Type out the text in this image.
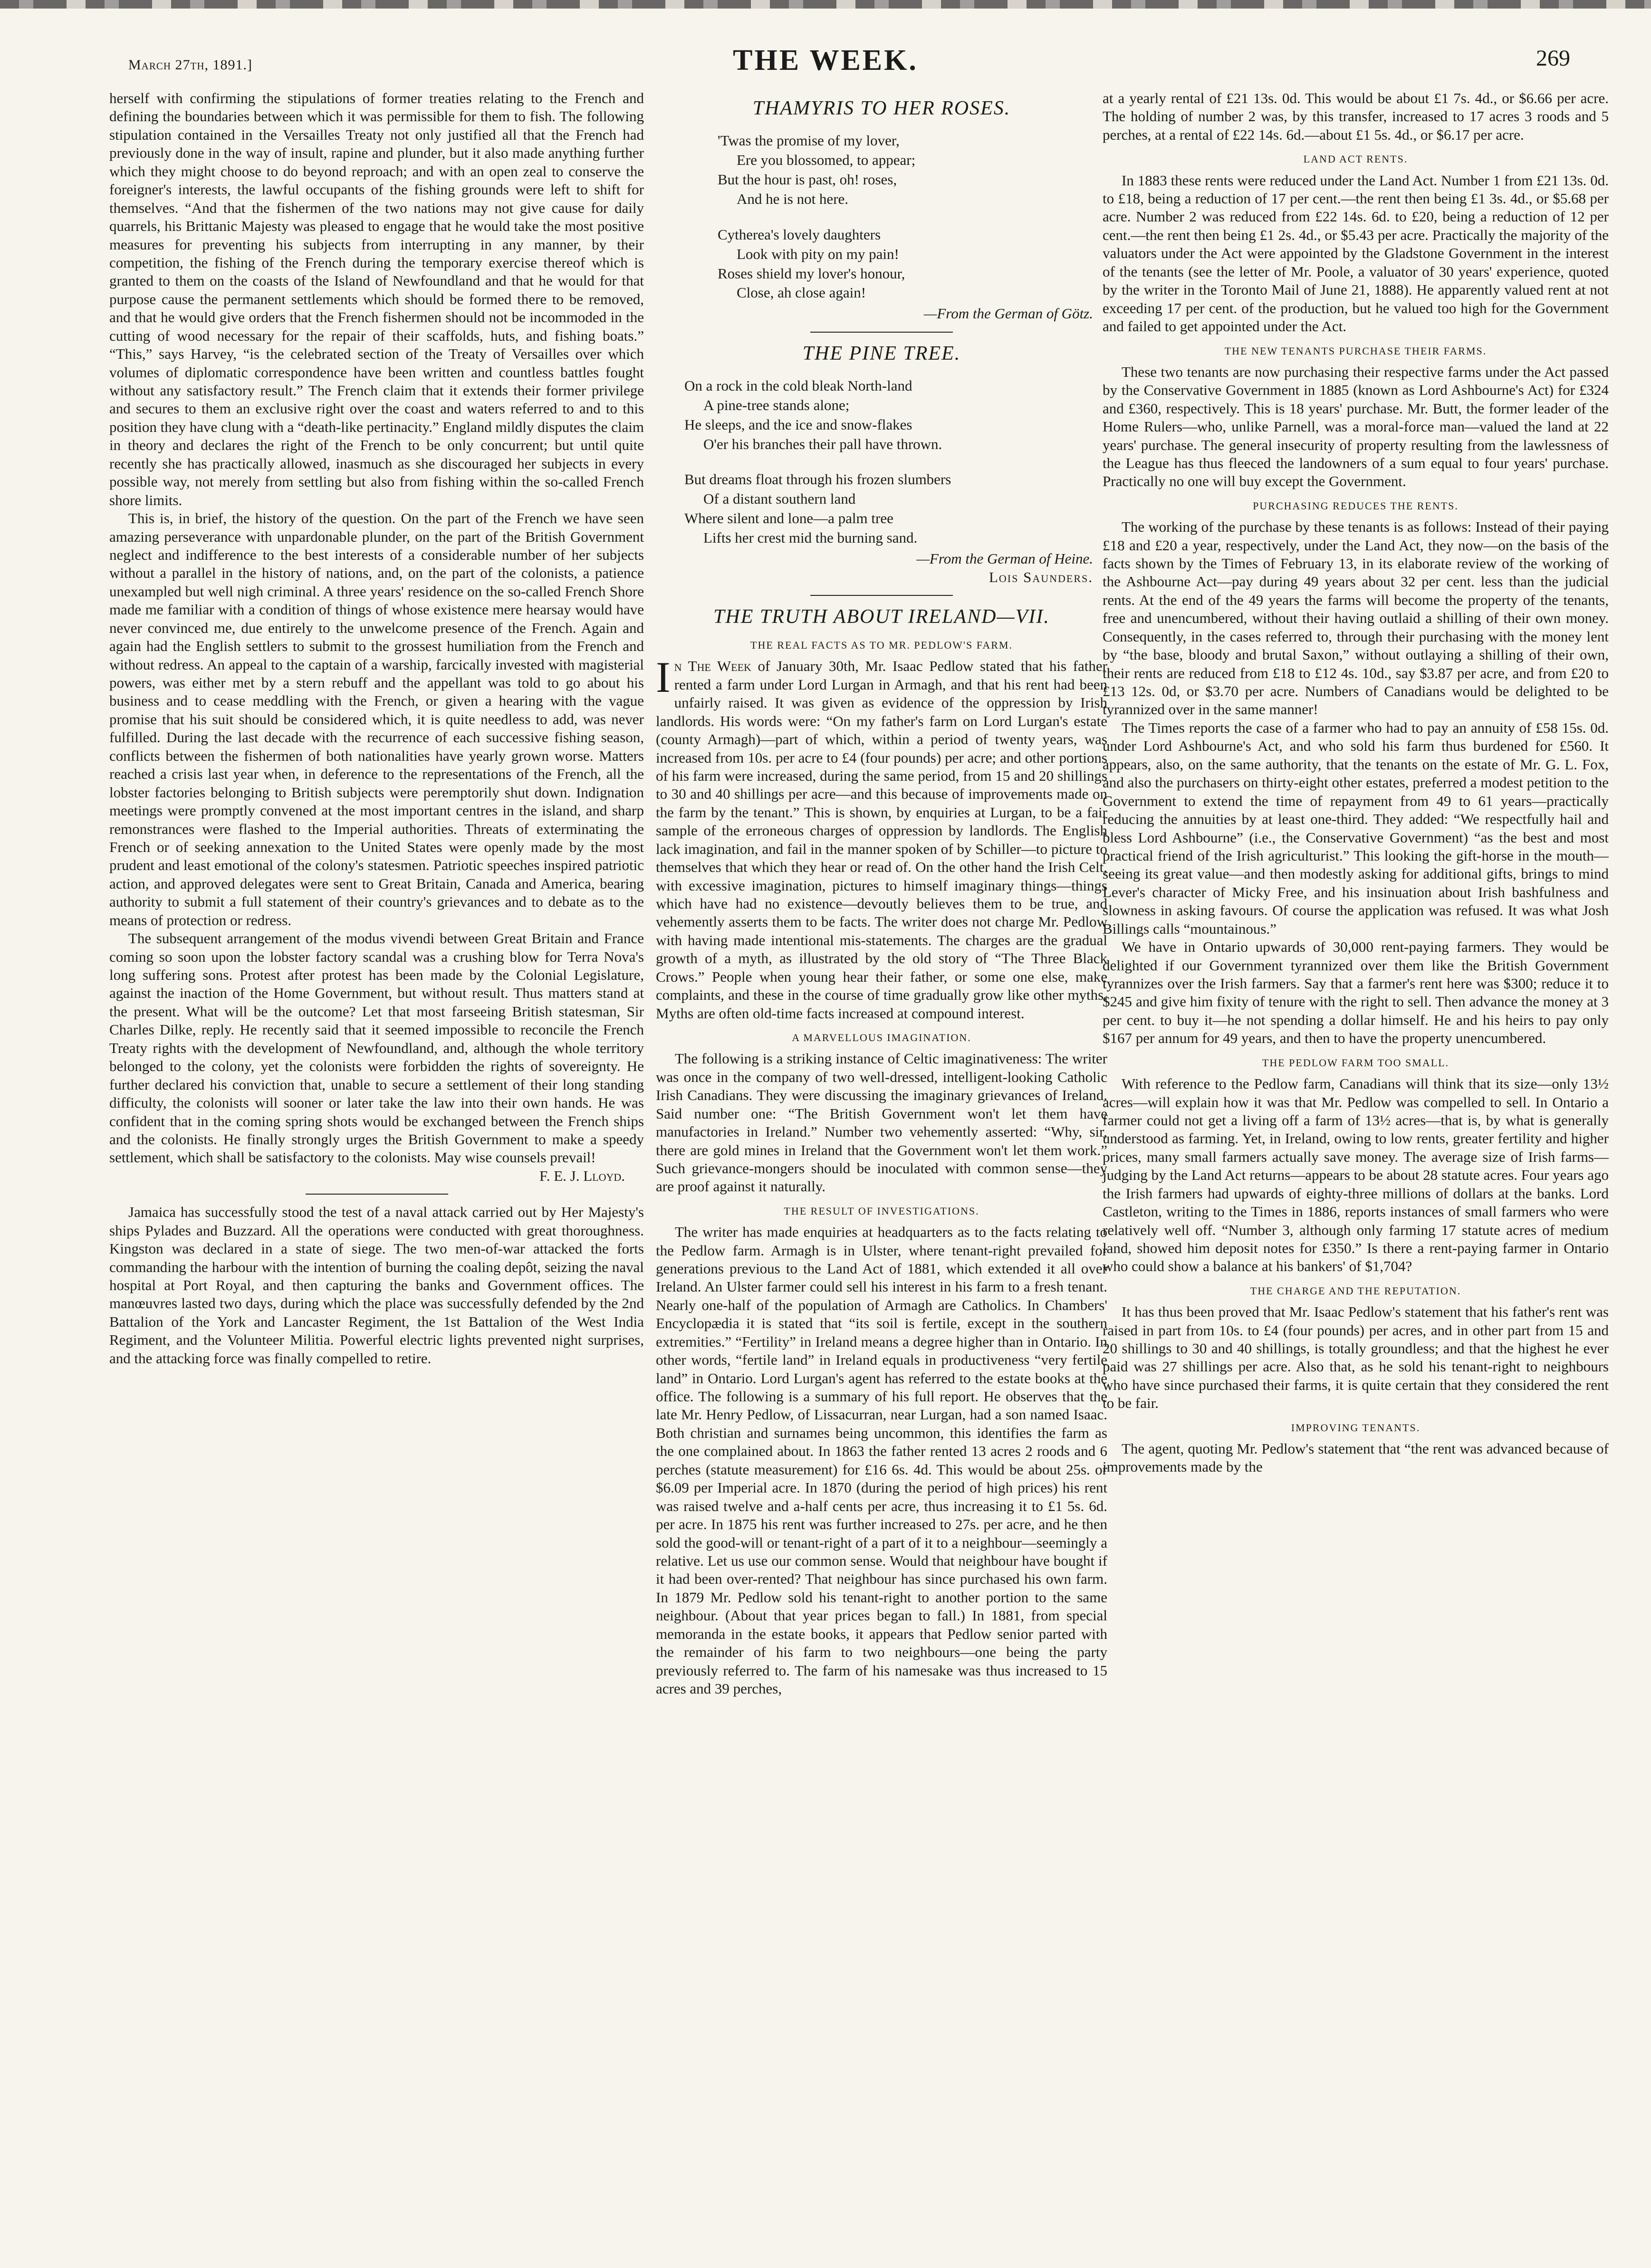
March 27th, 1891.]	THE WEEK.	269

herself with confirming the stipulations of former treaties relating to the French and defining the boundaries between which it was permissible for them to fish. The following stipulation contained in the Versailles Treaty not only justified all that the French had previously done in the way of insult, rapine and plunder, but it also made anything further which they might choose to do beyond reproach; and with an open zeal to conserve the foreigner's interests, the lawful occupants of the fishing grounds were left to shift for themselves. “And that the fishermen of the two nations may not give cause for daily quarrels, his Brittanic Majesty was pleased to engage that he would take the most positive measures for preventing his subjects from interrupting in any manner, by their competition, the fishing of the French during the temporary exercise thereof which is granted to them on the coasts of the Island of Newfoundland and that he would for that purpose cause the permanent settlements which should be formed there to be removed, and that he would give orders that the French fishermen should not be incommoded in the cutting of wood necessary for the repair of their scaffolds, huts, and fishing boats.” “This,” says Harvey, “is the celebrated section of the Treaty of Versailles over which volumes of diplomatic correspondence have been written and countless battles fought without any satisfactory result.” The French claim that it extends their former privilege and secures to them an exclusive right over the coast and waters referred to and to this position they have clung with a “death-like pertinacity.” England mildly disputes the claim in theory and declares the right of the French to be only concurrent; but until quite recently she has practically allowed, inasmuch as she discouraged her subjects in every possible way, not merely from settling but also from fishing within the so-called French shore limits.

This is, in brief, the history of the question. On the part of the French we have seen amazing perseverance with unpardonable plunder, on the part of the British Government neglect and indifference to the best interests of a considerable number of her subjects without a parallel in the history of nations, and, on the part of the colonists, a patience unexampled but well nigh criminal. A three years' residence on the so-called French Shore made me familiar with a condition of things of whose existence mere hearsay would have never convinced me, due entirely to the unwelcome presence of the French. Again and again had the English settlers to submit to the grossest humiliation from the French and without redress. An appeal to the captain of a warship, farcically invested with magisterial powers, was either met by a stern rebuff and the appellant was told to go about his business and to cease meddling with the French, or given a hearing with the vague promise that his suit should be considered which, it is quite needless to add, was never fulfilled. During the last decade with the recurrence of each successive fishing season, conflicts between the fishermen of both nationalities have yearly grown worse. Matters reached a crisis last year when, in deference to the representations of the French, all the lobster factories belonging to British subjects were peremptorily shut down. Indignation meetings were promptly convened at the most important centres in the island, and sharp remonstrances were flashed to the Imperial authorities. Threats of exterminating the French or of seeking annexation to the United States were openly made by the most prudent and least emotional of the colony's statesmen. Patriotic speeches inspired patriotic action, and approved delegates were sent to Great Britain, Canada and America, bearing authority to submit a full statement of their country's grievances and to debate as to the means of protection or redress.

The subsequent arrangement of the modus vivendi between Great Britain and France coming so soon upon the lobster factory scandal was a crushing blow for Terra Nova's long suffering sons. Protest after protest has been made by the Colonial Legislature, against the inaction of the Home Government, but without result. Thus matters stand at the present. What will be the outcome? Let that most farseeing British statesman, Sir Charles Dilke, reply. He recently said that it seemed impossible to reconcile the French Treaty rights with the development of Newfoundland, and, although the whole territory belonged to the colony, yet the colonists were forbidden the rights of sovereignty. He further declared his conviction that, unable to secure a settlement of their long standing difficulty, the colonists will sooner or later take the law into their own hands. He was confident that in the coming spring shots would be exchanged between the French ships and the colonists. He finally strongly urges the British Government to make a speedy settlement, which shall be satisfactory to the colonists. May wise counsels prevail!

F. E. J. Lloyd.

Jamaica has successfully stood the test of a naval attack carried out by Her Majesty's ships Pylades and Buzzard. All the operations were conducted with great thoroughness. Kingston was declared in a state of siege. The two men-of-war attacked the forts commanding the harbour with the intention of burning the coaling depôt, seizing the naval hospital at Port Royal, and then capturing the banks and Government offices. The manœuvres lasted two days, during which the place was successfully defended by the 2nd Battalion of the York and Lancaster Regiment, the 1st Battalion of the West India Regiment, and the Volunteer Militia. Powerful electric lights prevented night surprises, and the attacking force was finally compelled to retire.

THAMYRIS TO HER ROSES.
'Twas the promise of my lover,
Ere you blossomed, to appear;
But the hour is past, oh! roses,
And he is not here.
Cytherea's lovely daughters
Look with pity on my pain!
Roses shield my lover's honour,
Close, ah close again!
—From the German of Götz.
THE PINE TREE.
On a rock in the cold bleak North-land
A pine-tree stands alone;
He sleeps, and the ice and snow-flakes
O'er his branches their pall have thrown.
But dreams float through his frozen slumbers
Of a distant southern land
Where silent and lone—a palm tree
Lifts her crest mid the burning sand.
—From the German of Heine.
Lois Saunders.
THE TRUTH ABOUT IRELAND—VII.
THE REAL FACTS AS TO MR. PEDLOW'S FARM.

In The Week of January 30th, Mr. Isaac Pedlow stated that his father rented a farm under Lord Lurgan in Armagh, and that his rent had been unfairly raised. It was given as evidence of the oppression by Irish landlords. His words were: “On my father's farm on Lord Lurgan's estate (county Armagh)—part of which, within a period of twenty years, was increased from 10s. per acre to £4 (four pounds) per acre; and other portions of his farm were increased, during the same period, from 15 and 20 shillings to 30 and 40 shillings per acre—and this because of improvements made on the farm by the tenant.” This is shown, by enquiries at Lurgan, to be a fair sample of the erroneous charges of oppression by landlords. The English lack imagination, and fail in the manner spoken of by Schiller—to picture to themselves that which they hear or read of. On the other hand the Irish Celt, with excessive imagination, pictures to himself imaginary things—things which have had no existence—devoutly believes them to be true, and vehemently asserts them to be facts. The writer does not charge Mr. Pedlow with having made intentional mis-statements. The charges are the gradual growth of a myth, as illustrated by the old story of “The Three Black Crows.” People when young hear their father, or some one else, make complaints, and these in the course of time gradually grow like other myths. Myths are often old-time facts increased at compound interest.

A MARVELLOUS IMAGINATION.

The following is a striking instance of Celtic imaginativeness: The writer was once in the company of two well-dressed, intelligent-looking Catholic Irish Canadians. They were discussing the imaginary grievances of Ireland. Said number one: “The British Government won't let them have manufactories in Ireland.” Number two vehemently asserted: “Why, sir, there are gold mines in Ireland that the Government won't let them work.” Such grievance-mongers should be inoculated with common sense—they are proof against it naturally.

THE RESULT OF INVESTIGATIONS.

The writer has made enquiries at headquarters as to the facts relating to the Pedlow farm. Armagh is in Ulster, where tenant-right prevailed for generations previous to the Land Act of 1881, which extended it all over Ireland. An Ulster farmer could sell his interest in his farm to a fresh tenant. Nearly one-half of the population of Armagh are Catholics. In Chambers' Encyclopædia it is stated that “its soil is fertile, except in the southern extremities.” “Fertility” in Ireland means a degree higher than in Ontario. In other words, “fertile land” in Ireland equals in productiveness “very fertile land” in Ontario. Lord Lurgan's agent has referred to the estate books at the office. The following is a summary of his full report. He observes that the late Mr. Henry Pedlow, of Lissacurran, near Lurgan, had a son named Isaac. Both christian and surnames being uncommon, this identifies the farm as the one complained about. In 1863 the father rented 13 acres 2 roods and 6 perches (statute measurement) for £16 6s. 4d. This would be about 25s. or $6.09 per Imperial acre. In 1870 (during the period of high prices) his rent was raised twelve and a-half cents per acre, thus increasing it to £1 5s. 6d. per acre. In 1875 his rent was further increased to 27s. per acre, and he then sold the good-will or tenant-right of a part of it to a neighbour—seemingly a relative. Let us use our common sense. Would that neighbour have bought if it had been over-rented? That neighbour has since purchased his own farm. In 1879 Mr. Pedlow sold his tenant-right to another portion to the same neighbour. (About that year prices began to fall.) In 1881, from special memoranda in the estate books, it appears that Pedlow senior parted with the remainder of his farm to two neighbours—one being the party previously referred to. The farm of his namesake was thus increased to 15 acres and 39 perches,

at a yearly rental of £21 13s. 0d. This would be about £1 7s. 4d., or $6.66 per acre. The holding of number 2 was, by this transfer, increased to 17 acres 3 roods and 5 perches, at a rental of £22 14s. 6d.—about £1 5s. 4d., or $6.17 per acre.

LAND ACT RENTS.

In 1883 these rents were reduced under the Land Act. Number 1 from £21 13s. 0d. to £18, being a reduction of 17 per cent.—the rent then being £1 3s. 4d., or $5.68 per acre. Number 2 was reduced from £22 14s. 6d. to £20, being a reduction of 12 per cent.—the rent then being £1 2s. 4d., or $5.43 per acre. Practically the majority of the valuators under the Act were appointed by the Gladstone Government in the interest of the tenants (see the letter of Mr. Poole, a valuator of 30 years' experience, quoted by the writer in the Toronto Mail of June 21, 1888). He apparently valued rent at not exceeding 17 per cent. of the production, but he valued too high for the Government and failed to get appointed under the Act.

THE NEW TENANTS PURCHASE THEIR FARMS.

These two tenants are now purchasing their respective farms under the Act passed by the Conservative Government in 1885 (known as Lord Ashbourne's Act) for £324 and £360, respectively. This is 18 years' purchase. Mr. Butt, the former leader of the Home Rulers—who, unlike Parnell, was a moral-force man—valued the land at 22 years' purchase. The general insecurity of property resulting from the lawlessness of the League has thus fleeced the landowners of a sum equal to four years' purchase. Practically no one will buy except the Government.

PURCHASING REDUCES THE RENTS.

The working of the purchase by these tenants is as follows: Instead of their paying £18 and £20 a year, respectively, under the Land Act, they now—on the basis of the facts shown by the Times of February 13, in its elaborate review of the working of the Ashbourne Act—pay during 49 years about 32 per cent. less than the judicial rents. At the end of the 49 years the farms will become the property of the tenants, free and unencumbered, without their having outlaid a shilling of their own money. Consequently, in the cases referred to, through their purchasing with the money lent by “the base, bloody and brutal Saxon,” without outlaying a shilling of their own, their rents are reduced from £18 to £12 4s. 10d., say $3.87 per acre, and from £20 to £13 12s. 0d, or $3.70 per acre. Numbers of Canadians would be delighted to be tyrannized over in the same manner!

The Times reports the case of a farmer who had to pay an annuity of £58 15s. 0d. under Lord Ashbourne's Act, and who sold his farm thus burdened for £560. It appears, also, on the same authority, that the tenants on the estate of Mr. G. L. Fox, and also the purchasers on thirty-eight other estates, preferred a modest petition to the Government to extend the time of repayment from 49 to 61 years—practically reducing the annuities by at least one-third. They added: “We respectfully hail and bless Lord Ashbourne” (i.e., the Conservative Government) “as the best and most practical friend of the Irish agriculturist.” This looking the gift-horse in the mouth—seeing its great value—and then modestly asking for additional gifts, brings to mind Lever's character of Micky Free, and his insinuation about Irish bashfulness and slowness in asking favours. Of course the application was refused. It was what Josh Billings calls “mountainous.”

We have in Ontario upwards of 30,000 rent-paying farmers. They would be delighted if our Government tyrannized over them like the British Government tyrannizes over the Irish farmers. Say that a farmer's rent here was $300; reduce it to $245 and give him fixity of tenure with the right to sell. Then advance the money at 3 per cent. to buy it—he not spending a dollar himself. He and his heirs to pay only $167 per annum for 49 years, and then to have the property unencumbered.

THE PEDLOW FARM TOO SMALL.

With reference to the Pedlow farm, Canadians will think that its size—only 13½ acres—will explain how it was that Mr. Pedlow was compelled to sell. In Ontario a farmer could not get a living off a farm of 13½ acres—that is, by what is generally understood as farming. Yet, in Ireland, owing to low rents, greater fertility and higher prices, many small farmers actually save money. The average size of Irish farms—judging by the Land Act returns—appears to be about 28 statute acres. Four years ago the Irish farmers had upwards of eighty-three millions of dollars at the banks. Lord Castleton, writing to the Times in 1886, reports instances of small farmers who were relatively well off. “Number 3, although only farming 17 statute acres of medium land, showed him deposit notes for £350.” Is there a rent-paying farmer in Ontario who could show a balance at his bankers' of $1,704?

THE CHARGE AND THE REPUTATION.

It has thus been proved that Mr. Isaac Pedlow's statement that his father's rent was raised in part from 10s. to £4 (four pounds) per acres, and in other part from 15 and 20 shillings to 30 and 40 shillings, is totally groundless; and that the highest he ever paid was 27 shillings per acre. Also that, as he sold his tenant-right to neighbours who have since purchased their farms, it is quite certain that they considered the rent to be fair.

IMPROVING TENANTS.

The agent, quoting Mr. Pedlow's statement that “the rent was advanced because of improvements made by the
